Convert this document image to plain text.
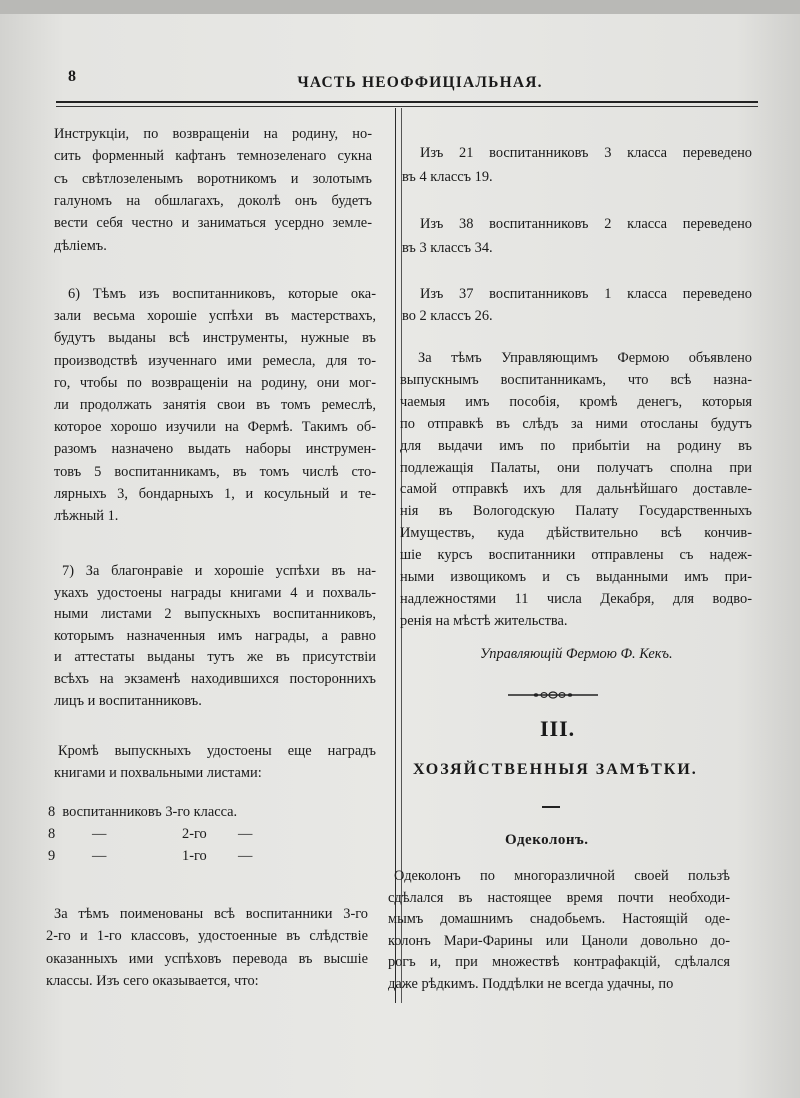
8	ЧАСТЬ НЕОФФИЦІАЛЬНАЯ.
Инструкціи, по возвращеніи на родину, но-
сить форменный кафтанъ темнозеленаго сукна
съ свѣтлозеленымъ воротникомъ и золотымъ
галуномъ на обшлагахъ, доколѣ онъ будетъ
вести себя честно и заниматься усердно земле-
дѣліемъ.
6) Тѣмъ изъ воспитанниковъ, которые ока-
зали весьма хорошіе успѣхи въ мастерствахъ,
будутъ выданы всѣ инструменты, нужные въ
производствѣ изученнаго ими ремесла, для то-
го, чтобы по возвращеніи на родину, они мог-
ли продолжать занятія свои въ томъ ремеслѣ,
которое хорошо изучили на Фермѣ. Такимъ об-
разомъ назначено выдать наборы инструмен-
товъ 5 воспитанникамъ, въ томъ числѣ сто-
лярныхъ 3, бондарныхъ 1, и косульный и те-
лѣжный 1.
7) За благонравіе и хорошіе успѣхи въ на-
укахъ удостоены награды книгами 4 и похваль-
ными листами 2 выпускныхъ воспитанниковъ,
которымъ назначенныя имъ награды, а равно
и аттестаты выданы тутъ же въ присутствіи
всѣхъ на экзаменѣ находившихся постороннихъ
лицъ и воспитанниковъ.
Кромѣ выпускныхъ удостоены еще наградъ
книгами и похвальными листами:
8 воспитанниковъ 3-го класса.
8	—	2-го —
9	—	1-го —
За тѣмъ поименованы всѣ воспитанники 3-го
2-го и 1-го классовъ, удостоенные въ слѣдствіе
оказанныхъ ими успѣховъ перевода въ высшіе
классы. Изъ сего оказывается, что:
Изъ 21 воспитанниковъ 3 класса переведено
въ 4 классъ 19.
Изъ 38 воспитанниковъ 2 класса переведено
въ 3 классъ 34.
Изъ 37 воспитанниковъ 1 класса переведено
во 2 классъ 26.
За тѣмъ Управляющимъ Фермою объявлено
выпускнымъ воспитанникамъ, что всѣ назна-
чаемыя имъ пособія, кромѣ денегъ, которыя
по отправкѣ въ слѣдъ за ними отосланы будутъ
для выдачи имъ по прибытіи на родину въ
подлежащія Палаты, они получатъ сполна при
самой отправкѣ ихъ для дальнѣйшаго доставле-
нія въ Вологодскую Палату Государственныхъ
Имуществъ, куда дѣйствительно всѣ кончив-
шіе курсъ воспитанники отправлены съ надеж-
ными извощикомъ и съ выданными имъ при-
надлежностями 11 числа Декабря, для водво-
ренія на мѣстѣ жительства.
Управляющій Фермою Ф. Кекъ.
III.
ХОЗЯЙСТВЕННЫЯ ЗАМѢТКИ.
Одеколонъ.
Одеколонъ по многоразличной своей пользѣ
сдѣлался въ настоящее время почти необходи-
мымъ домашнимъ снадобьемъ. Настоящій оде-
колонъ Мари-Фарины или Цаноли довольно до-
рогъ и, при множествѣ контрафакцій, сдѣлался
даже рѣдкимъ. Поддѣлки не всегда удачны, по
